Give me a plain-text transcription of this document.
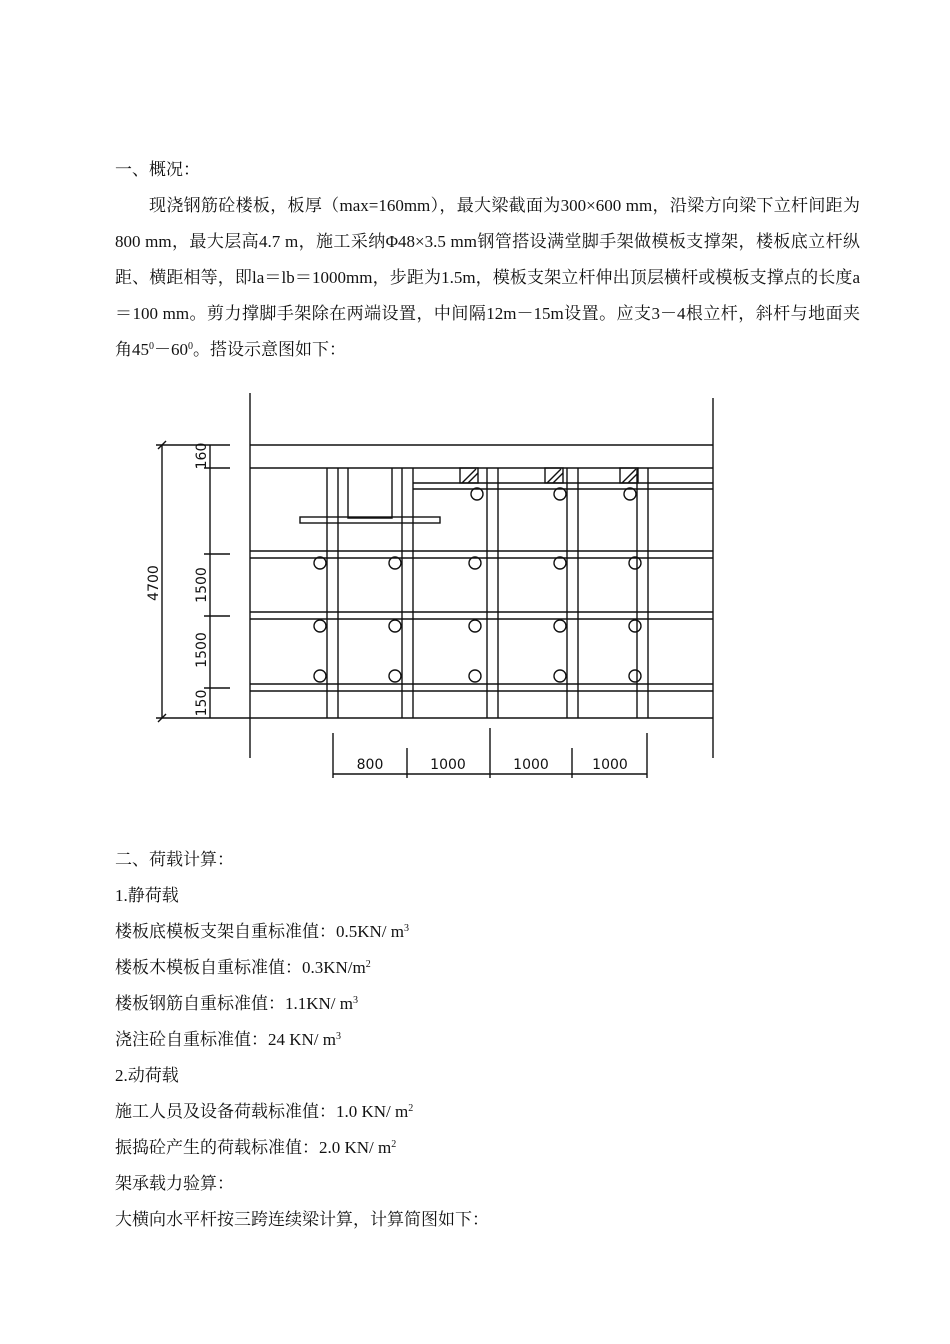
一、概况：
现浇钢筋砼楼板，板厚（max=160mm），最大梁截面为300×600 mm，沿梁方向梁下立杆间距为800 mm，最大层高4.7 m，施工采纳Φ48×3.5 mm钢管搭设满堂脚手架做模板支撑架，楼板底立杆纵距、横距相等，即la＝lb＝1000mm，步距为1.5m，模板支架立杆伸出顶层横杆或模板支撑点的长度a＝100 mm。剪力撑脚手架除在两端设置，中间隔12m－15m设置。应支3－4根立杆，斜杆与地面夹角$45^0-60^0$。搭设示意图如下：
160
1500
1500
150
4700
800	1000	1000	1000
二、荷载计算：
1.静荷载
楼板底模板支架自重标准值：0.5KN/ $m^3$
楼板木模板自重标准值：$0.3KN/m^2$
楼板钢筋自重标准值：1.1KN/ $m^3$
浇注砼自重标准值：24 KN/ $m^3$
2.动荷载
施工人员及设备荷载标准值：1.0 KN/ $m^2$
振捣砼产生的荷载标准值：2.0 KN/ $m^2$
架承载力验算：
大横向水平杆按三跨连续梁计算，计算简图如下：
